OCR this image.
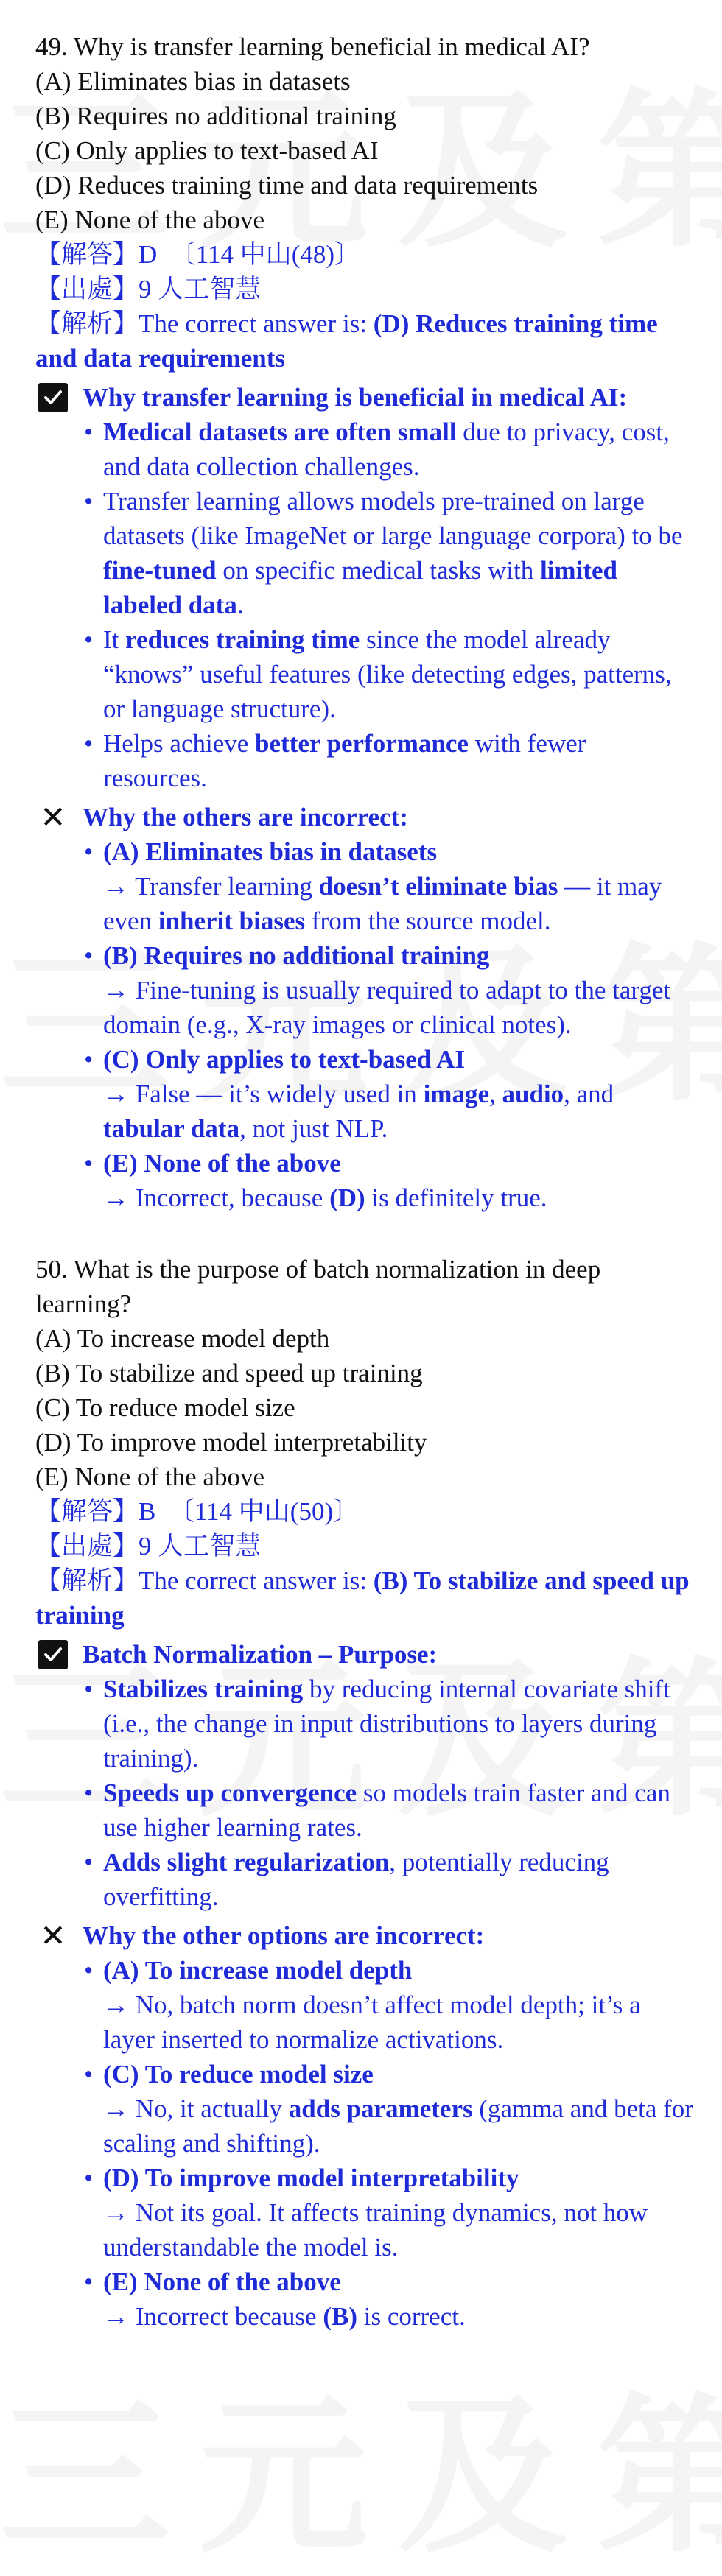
49. Why is transfer learning beneficial in medical AI?
(A) Eliminates bias in datasets
(B) Requires no additional training
(C) Only applies to text-based AI
(D) Reduces training time and data requirements
(E) None of the above
【解答】D　〔114 中山(48)〕
【出處】9 人工智慧
【解析】The correct answer is: (D) Reduces training time and data requirements
Why transfer learning is beneficial in medical AI:
• Medical datasets are often small due to privacy, cost, and data collection challenges.
• Transfer learning allows models pre-trained on large datasets (like ImageNet or large language corpora) to be fine-tuned on specific medical tasks with limited labeled data.
• It reduces training time since the model already “knows” useful features (like detecting edges, patterns, or language structure).
• Helps achieve better performance with fewer resources.
✕ Why the others are incorrect:
• (A) Eliminates bias in datasets
→ Transfer learning doesn’t eliminate bias — it may even inherit biases from the source model.
• (B) Requires no additional training
→ Fine-tuning is usually required to adapt to the target domain (e.g., X-ray images or clinical notes).
• (C) Only applies to text-based AI
→ False — it’s widely used in image, audio, and tabular data, not just NLP.
• (E) None of the above
→ Incorrect, because (D) is definitely true.
50. What is the purpose of batch normalization in deep learning?
(A) To increase model depth
(B) To stabilize and speed up training
(C) To reduce model size
(D) To improve model interpretability
(E) None of the above
【解答】B　〔114 中山(50)〕
【出處】9 人工智慧
【解析】The correct answer is: (B) To stabilize and speed up training
Batch Normalization – Purpose:
• Stabilizes training by reducing internal covariate shift (i.e., the change in input distributions to layers during training).
• Speeds up convergence so models train faster and can use higher learning rates.
• Adds slight regularization, potentially reducing overfitting.
✕ Why the other options are incorrect:
• (A) To increase model depth
→ No, batch norm doesn’t affect model depth; it’s a layer inserted to normalize activations.
• (C) To reduce model size
→ No, it actually adds parameters (gamma and beta for scaling and shifting).
• (D) To improve model interpretability
→ Not its goal. It affects training dynamics, not how understandable the model is.
• (E) None of the above
→ Incorrect because (B) is correct.
